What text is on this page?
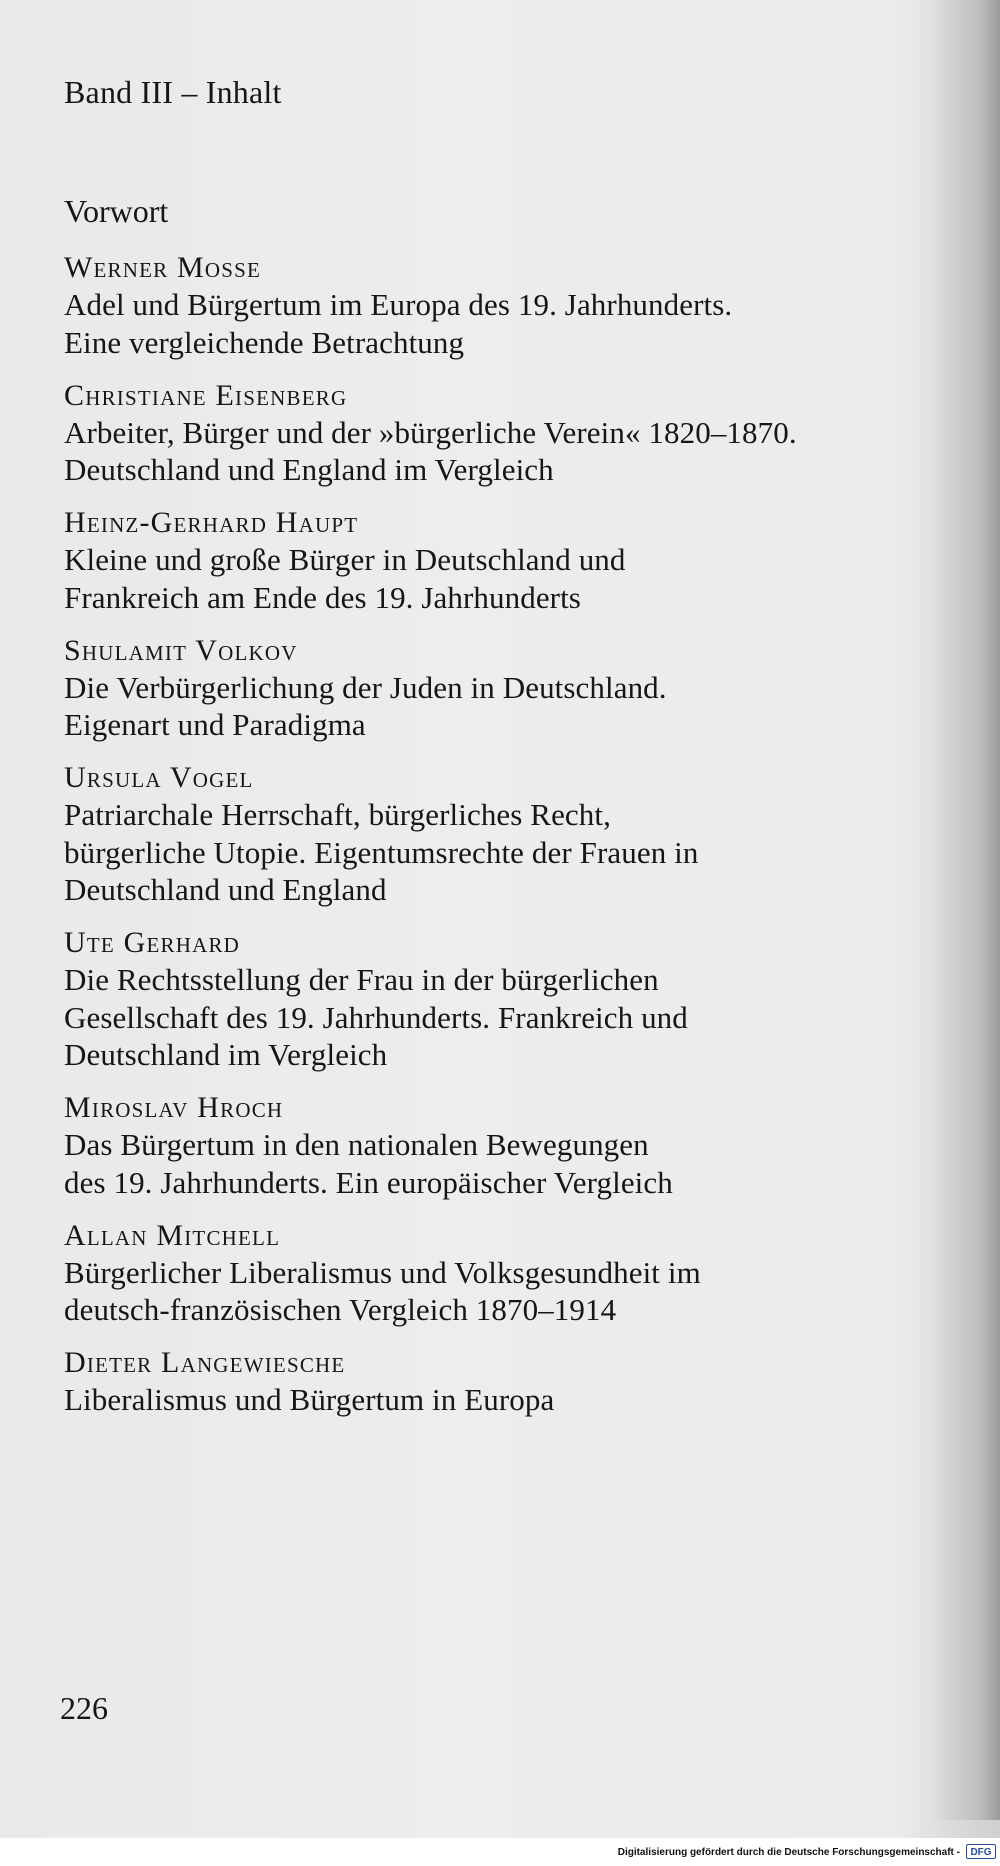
Band III – Inhalt
Vorwort
Werner Mosse
Adel und Bürgertum im Europa des 19. Jahrhunderts.
Eine vergleichende Betrachtung
Christiane Eisenberg
Arbeiter, Bürger und der »bürgerliche Verein« 1820–1870.
Deutschland und England im Vergleich
Heinz-Gerhard Haupt
Kleine und große Bürger in Deutschland und
Frankreich am Ende des 19. Jahrhunderts
Shulamit Volkov
Die Verbürgerlichung der Juden in Deutschland.
Eigenart und Paradigma
Ursula Vogel
Patriarchale Herrschaft, bürgerliches Recht,
bürgerliche Utopie. Eigentumsrechte der Frauen in
Deutschland und England
Ute Gerhard
Die Rechtsstellung der Frau in der bürgerlichen
Gesellschaft des 19. Jahrhunderts. Frankreich und
Deutschland im Vergleich
Miroslav Hroch
Das Bürgertum in den nationalen Bewegungen
des 19. Jahrhunderts. Ein europäischer Vergleich
Allan Mitchell
Bürgerlicher Liberalismus und Volksgesundheit im
deutsch-französischen Vergleich 1870–1914
Dieter Langewiesche
Liberalismus und Bürgertum in Europa
226
Digitalisierung gefördert durch die Deutsche Forschungsgemeinschaft -	DFG
